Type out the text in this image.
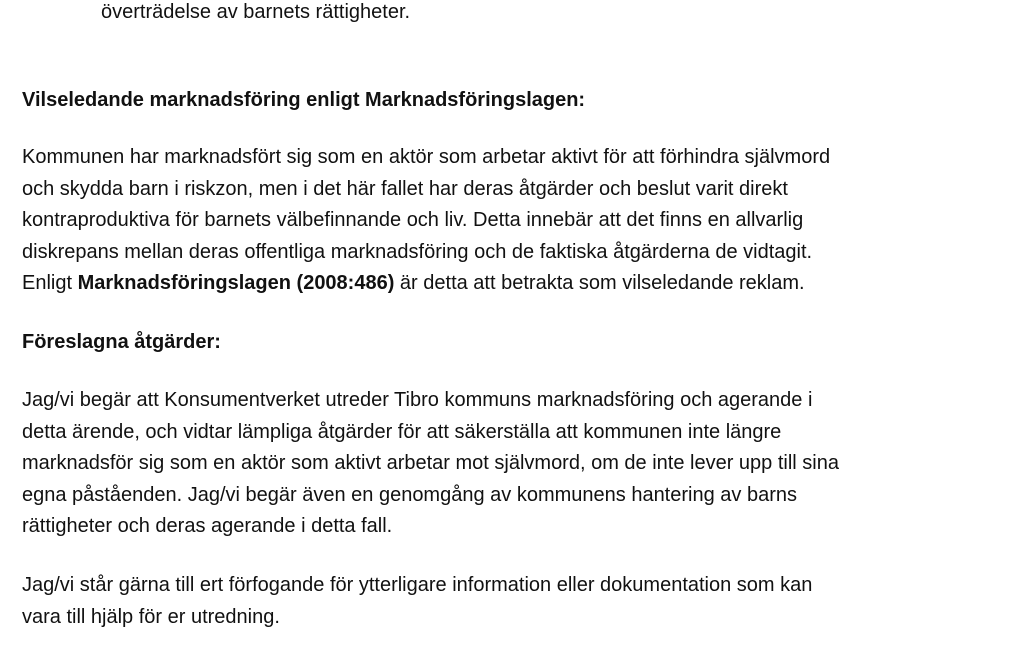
överträdelse av barnets rättigheter.

Vilseledande marknadsföring enligt Marknadsföringslagen:

Kommunen har marknadsfört sig som en aktör som arbetar aktivt för att förhindra självmord
och skydda barn i riskzon, men i det här fallet har deras åtgärder och beslut varit direkt
kontraproduktiva för barnets välbefinnande och liv. Detta innebär att det finns en allvarlig
diskrepans mellan deras offentliga marknadsföring och de faktiska åtgärderna de vidtagit.
Enligt Marknadsföringslagen (2008:486) är detta att betrakta som vilseledande reklam.

Föreslagna åtgärder:

Jag/vi begär att Konsumentverket utreder Tibro kommuns marknadsföring och agerande i
detta ärende, och vidtar lämpliga åtgärder för att säkerställa att kommunen inte längre
marknadsför sig som en aktör som aktivt arbetar mot självmord, om de inte lever upp till sina
egna påståenden. Jag/vi begär även en genomgång av kommunens hantering av barns
rättigheter och deras agerande i detta fall.

Jag/vi står gärna till ert förfogande för ytterligare information eller dokumentation som kan
vara till hjälp för er utredning.
